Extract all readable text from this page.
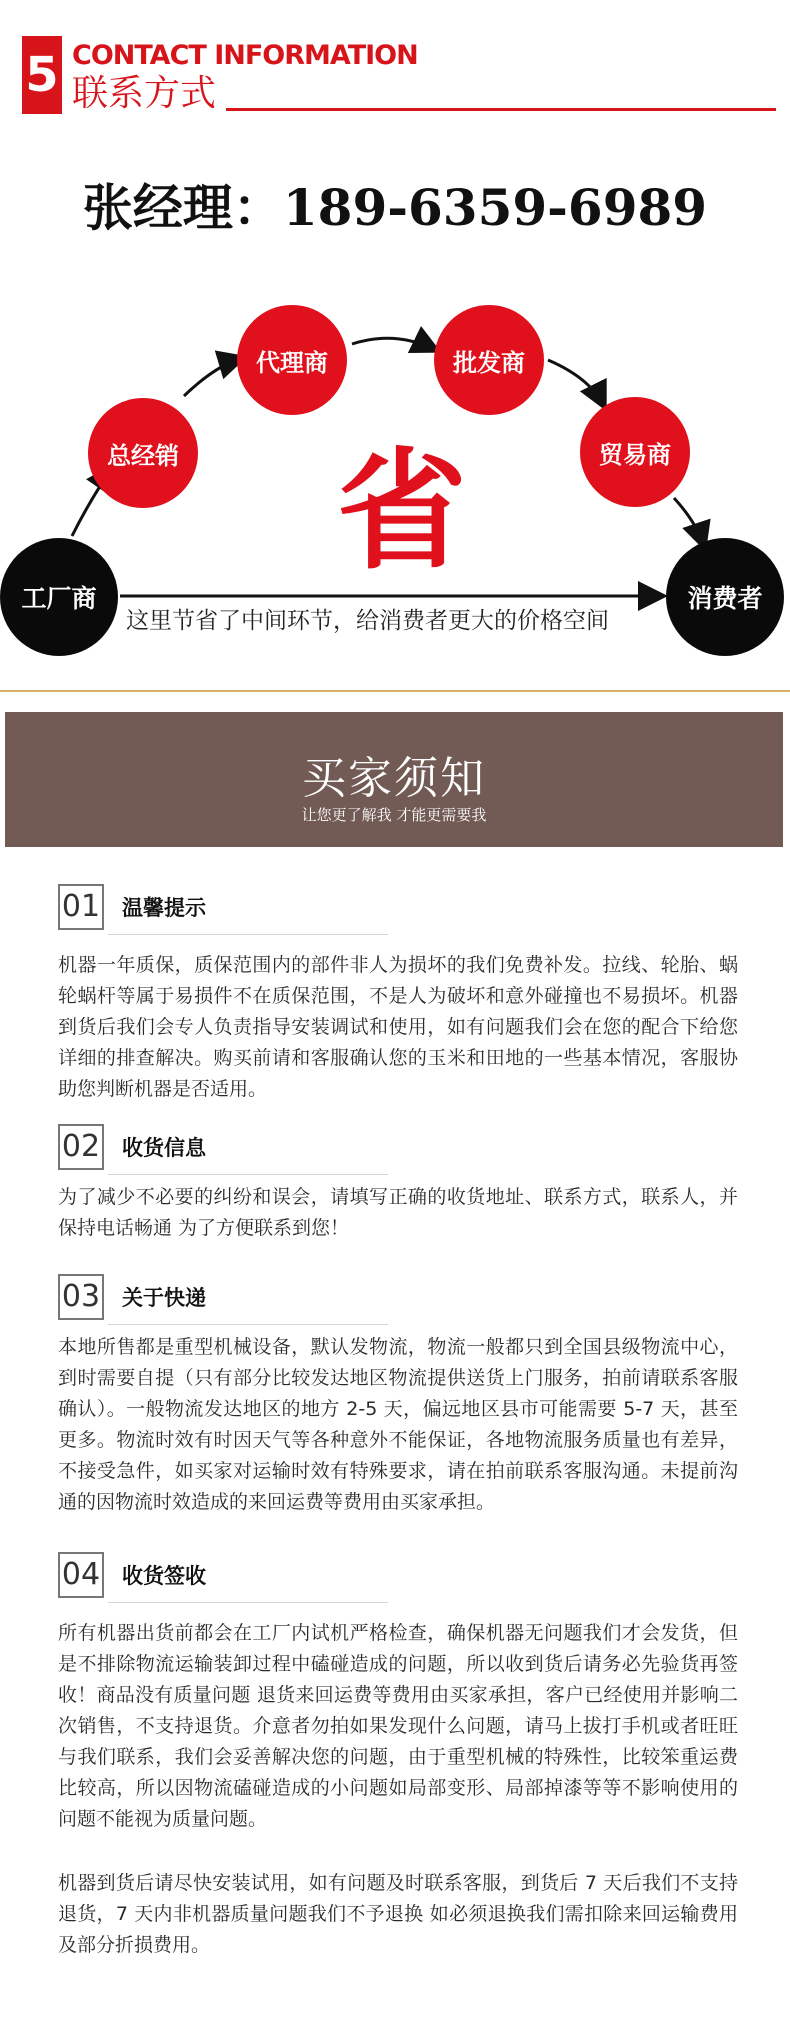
5 CONTACT INFORMATION
联系方式
张经理：189-6359-6989
工厂商
总经销
代理商	批发商
贸易商
消费者
省
这里节省了中间环节，给消费者更大的价格空间
买家须知
让您更了解我 才能更需要我
01 温馨提示
机器一年质保，质保范围内的部件非人为损坏的我们免费补发。拉线、轮胎、蜗轮蜗杆等属于易损件不在质保范围，不是人为破坏和意外碰撞也不易损坏。机器到货后我们会专人负责指导安装调试和使用，如有问题我们会在您的配合下给您详细的排查解决。购买前请和客服确认您的玉米和田地的一些基本情况，客服协助您判断机器是否适用。
02 收货信息
为了减少不必要的纠纷和误会，请填写正确的收货地址、联系方式，联系人，并保持电话畅通 为了方便联系到您！
03 关于快递
本地所售都是重型机械设备，默认发物流，物流一般都只到全国县级物流中心，到时需要自提（只有部分比较发达地区物流提供送货上门服务，拍前请联系客服确认）。一般物流发达地区的地方 2-5 天，偏远地区县市可能需要 5-7 天，甚至更多。物流时效有时因天气等各种意外不能保证，各地物流服务质量也有差异，不接受急件，如买家对运输时效有特殊要求，请在拍前联系客服沟通。未提前沟通的因物流时效造成的来回运费等费用由买家承担。
04 收货签收
所有机器出货前都会在工厂内试机严格检查，确保机器无问题我们才会发货，但是不排除物流运输装卸过程中磕碰造成的问题，所以收到货后请务必先验货再签收！商品没有质量问题 退货来回运费等费用由买家承担，客户已经使用并影响二次销售，不支持退货。介意者勿拍如果发现什么问题，请马上拔打手机或者旺旺与我们联系，我们会妥善解决您的问题，由于重型机械的特殊性，比较笨重运费比较高，所以因物流磕碰造成的小问题如局部变形、局部掉漆等等不影响使用的问题不能视为质量问题。
机器到货后请尽快安装试用，如有问题及时联系客服，到货后 7 天后我们不支持退货，7 天内非机器质量问题我们不予退换 如必须退换我们需扣除来回运输费用及部分折损费用。
